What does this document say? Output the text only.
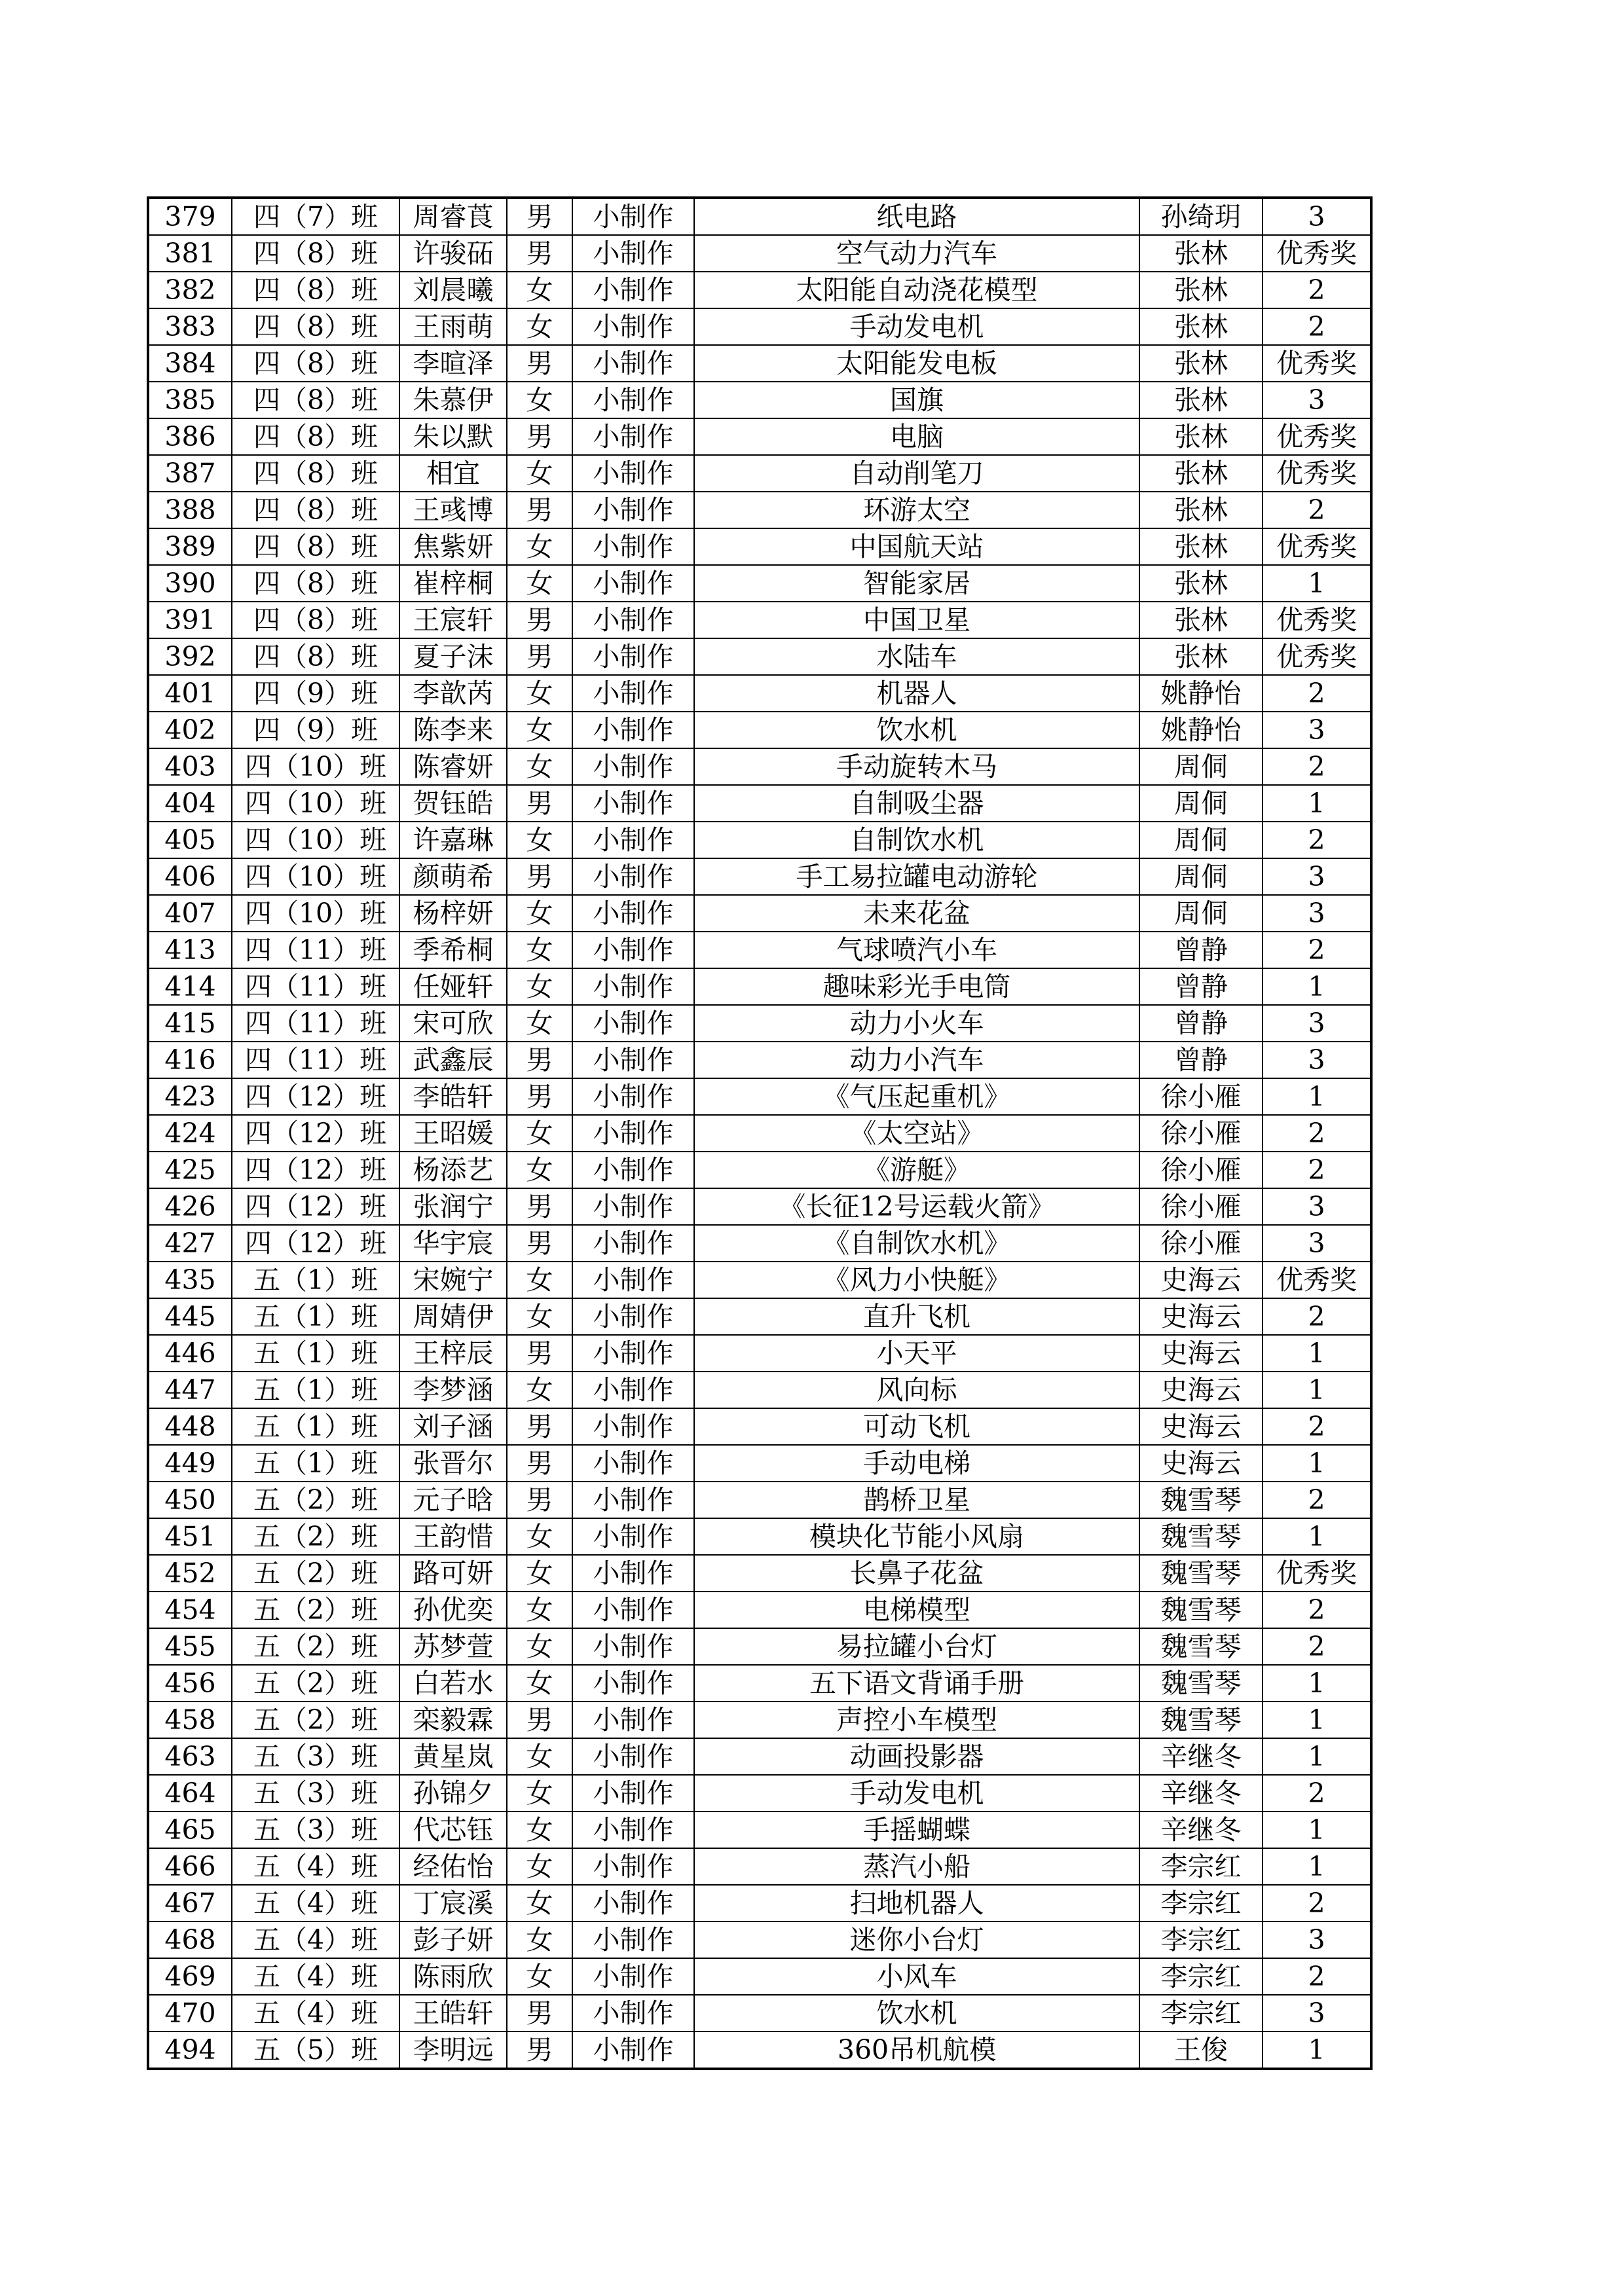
379	四（7）班	周睿莨	男	小制作	纸电路	孙绮玥	3
381	四（8）班	许骏砳	男	小制作	空气动力汽车	张林	优秀奖
382	四（8）班	刘晨曦	女	小制作	太阳能自动浇花模型	张林	2
383	四（8）班	王雨萌	女	小制作	手动发电机	张林	2
384	四（8）班	李暄泽	男	小制作	太阳能发电板	张林	优秀奖
385	四（8）班	朱慕伊	女	小制作	国旗	张林	3
386	四（8）班	朱以默	男	小制作	电脑	张林	优秀奖
387	四（8）班	相宜	女	小制作	自动削笔刀	张林	优秀奖
388	四（8）班	王彧博	男	小制作	环游太空	张林	2
389	四（8）班	焦紫妍	女	小制作	中国航天站	张林	优秀奖
390	四（8）班	崔梓桐	女	小制作	智能家居	张林	1
391	四（8）班	王宸轩	男	小制作	中国卫星	张林	优秀奖
392	四（8）班	夏子沫	男	小制作	水陆车	张林	优秀奖
401	四（9）班	李歆芮	女	小制作	机器人	姚静怡	2
402	四（9）班	陈李来	女	小制作	饮水机	姚静怡	3
403	四（10）班	陈睿妍	女	小制作	手动旋转木马	周侗	2
404	四（10）班	贺钰皓	男	小制作	自制吸尘器	周侗	1
405	四（10）班	许嘉琳	女	小制作	自制饮水机	周侗	2
406	四（10）班	颜萌希	男	小制作	手工易拉罐电动游轮	周侗	3
407	四（10）班	杨梓妍	女	小制作	未来花盆	周侗	3
413	四（11）班	季希桐	女	小制作	气球喷汽小车	曾静	2
414	四（11）班	任娅轩	女	小制作	趣味彩光手电筒	曾静	1
415	四（11）班	宋可欣	女	小制作	动力小火车	曾静	3
416	四（11）班	武鑫辰	男	小制作	动力小汽车	曾静	3
423	四（12）班	李皓轩	男	小制作	《气压起重机》	徐小雁	1
424	四（12）班	王昭媛	女	小制作	《太空站》	徐小雁	2
425	四（12）班	杨添艺	女	小制作	《游艇》	徐小雁	2
426	四（12）班	张润宁	男	小制作	《长征12号运载火箭》	徐小雁	3
427	四（12）班	华宇宸	男	小制作	《自制饮水机》	徐小雁	3
435	五（1）班	宋婉宁	女	小制作	《风力小快艇》	史海云	优秀奖
445	五（1）班	周婧伊	女	小制作	直升飞机	史海云	2
446	五（1）班	王梓辰	男	小制作	小天平	史海云	1
447	五（1）班	李梦涵	女	小制作	风向标	史海云	1
448	五（1）班	刘子涵	男	小制作	可动飞机	史海云	2
449	五（1）班	张晋尔	男	小制作	手动电梯	史海云	1
450	五（2）班	元子晗	男	小制作	鹊桥卫星	魏雪琴	2
451	五（2）班	王韵惜	女	小制作	模块化节能小风扇	魏雪琴	1
452	五（2）班	路可妍	女	小制作	长鼻子花盆	魏雪琴	优秀奖
454	五（2）班	孙优奕	女	小制作	电梯模型	魏雪琴	2
455	五（2）班	苏梦萱	女	小制作	易拉罐小台灯	魏雪琴	2
456	五（2）班	白若水	女	小制作	五下语文背诵手册	魏雪琴	1
458	五（2）班	栾毅霖	男	小制作	声控小车模型	魏雪琴	1
463	五（3）班	黄星岚	女	小制作	动画投影器	辛继冬	1
464	五（3）班	孙锦夕	女	小制作	手动发电机	辛继冬	2
465	五（3）班	代芯钰	女	小制作	手摇蝴蝶	辛继冬	1
466	五（4）班	经佑怡	女	小制作	蒸汽小船	李宗红	1
467	五（4）班	丁宸溪	女	小制作	扫地机器人	李宗红	2
468	五（4）班	彭子妍	女	小制作	迷你小台灯	李宗红	3
469	五（4）班	陈雨欣	女	小制作	小风车	李宗红	2
470	五（4）班	王皓轩	男	小制作	饮水机	李宗红	3
494	五（5）班	李明远	男	小制作	360吊机航模	王俊	1
